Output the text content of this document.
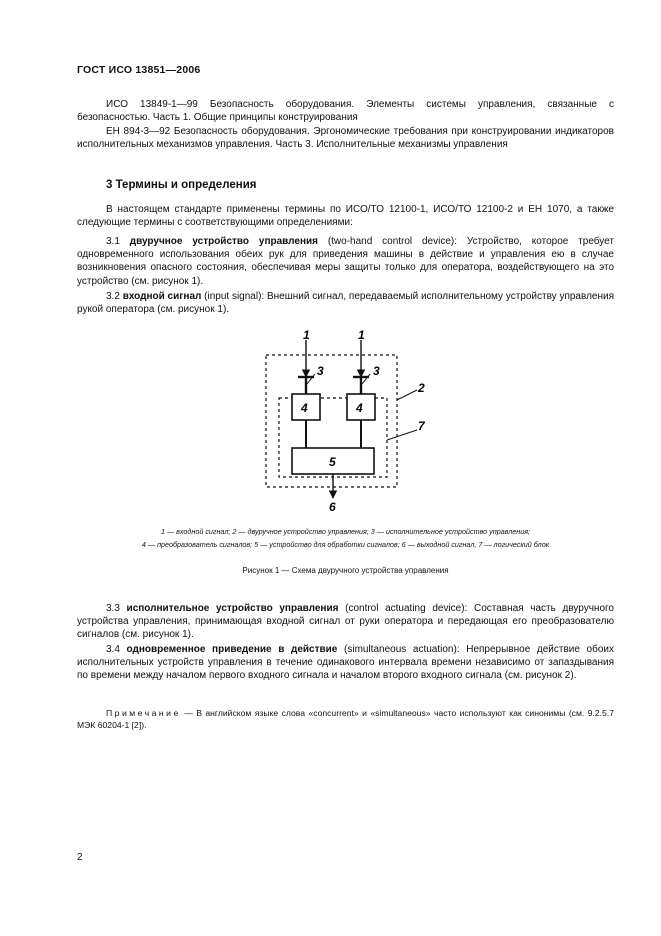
ГОСТ ИСО 13851—2006

ИСО 13849-1—99 Безопасность оборудования. Элементы системы управления, связанные с безопасностью. Часть 1. Общие принципы конструирования

ЕН 894-3—92 Безопасность оборудования. Эргономические требования при конструировании индикаторов исполнительных механизмов управления. Часть 3. Исполнительные механизмы управления

3 Термины и определения

В настоящем стандарте применены термины по ИСО/ТО 12100-1, ИСО/ТО 12100-2 и ЕН 1070, а также следующие термины с соответствующими определениями:

3.1 двуручное устройство управления (two-hand control device): Устройство, которое требует одновременного использования обеих рук для приведения машины в действие и управления ею в случае возникновения опасного состояния, обеспечивая меры защиты только для оператора, воздействующего на это устройство (см. рисунок 1).

3.2 входной сигнал (input signal): Внешний сигнал, передаваемый исполнительному устройству управления рукой оператора (см. рисунок 1).

1	1
3	3
2
7
4	4
5
6

1 — входной сигнал; 2 — двуручное устройство управления; 3 — исполнительное устройство управления;

4 — преобразователь сигналов; 5 — устройство для обработки сигналов; 6 — выходной сигнал, 7 — логический блок

Рисунок 1 — Схема двуручного устройства управления

3.3 исполнительное устройство управления (control actuating device): Составная часть двуручного устройства управления, принимающая входной сигнал от руки оператора и передающая его преобразователю сигналов (см. рисунок 1).

3.4 одновременное приведение в действие (simultaneous actuation): Непрерывное действие обоих исполнительных устройств управления в течение одинакового интервала времени независимо от запаздывания по времени между началом первого входного сигнала и началом второго входного сигнала (см. рисунок 2).

Примечание — В английском языке слова «concurrent» и «simultaneous» часто используют как синонимы (см. 9.2.5.7 МЭК 60204-1 [2]).

2
